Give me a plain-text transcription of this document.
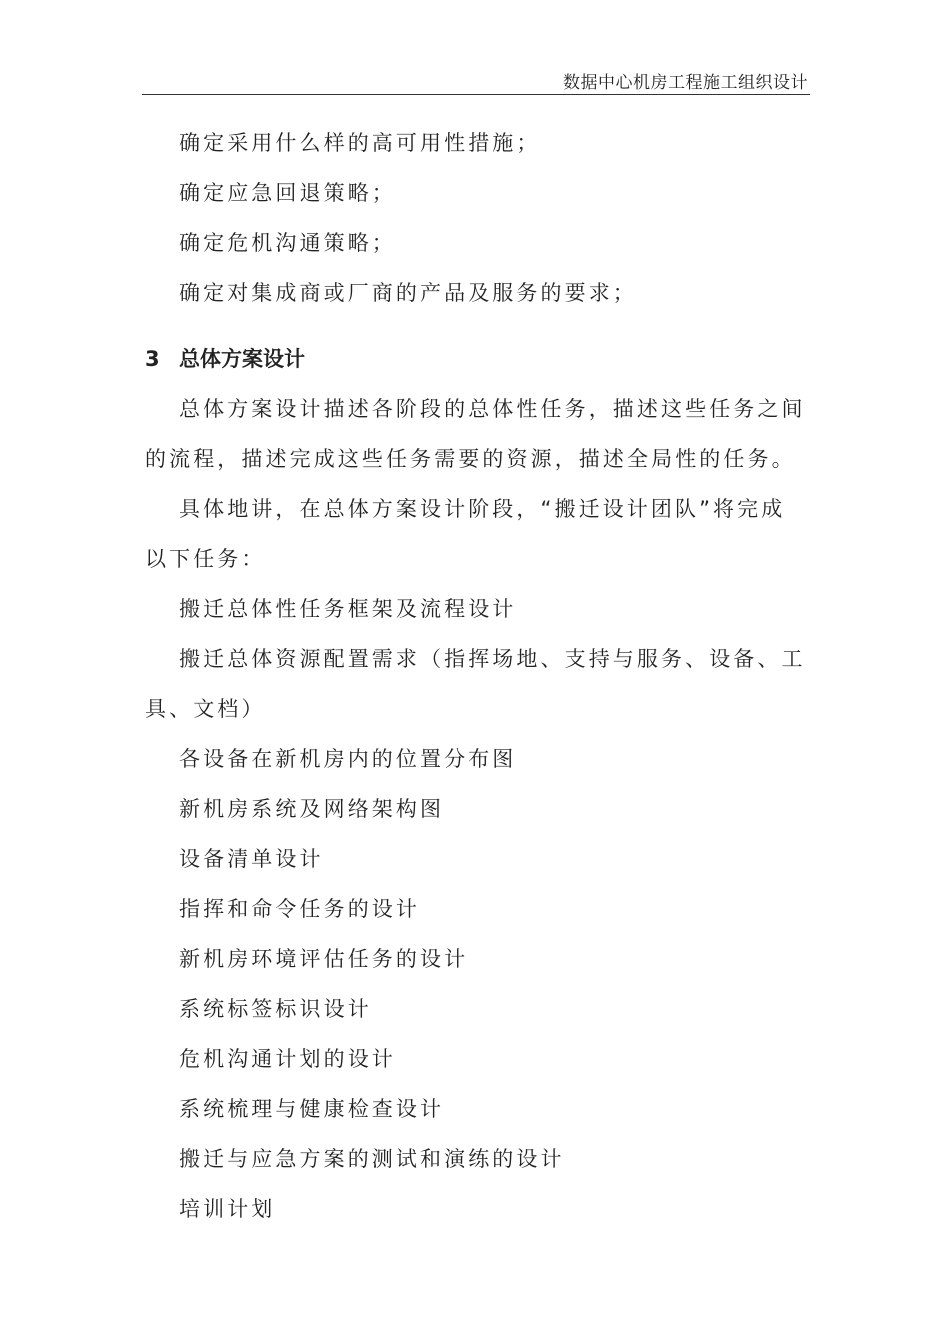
数据中心机房工程施工组织设计

确定采用什么样的高可用性措施；

确定应急回退策略；

确定危机沟通策略；

确定对集成商或厂商的产品及服务的要求；

3 总体方案设计

总体方案设计描述各阶段的总体性任务，描述这些任务之间

的流程，描述完成这些任务需要的资源，描述全局性的任务。

具体地讲，在总体方案设计阶段，“搬迁设计团队”将完成

以下任务：

搬迁总体性任务框架及流程设计

搬迁总体资源配置需求（指挥场地、支持与服务、设备、工

具、文档）

各设备在新机房内的位置分布图

新机房系统及网络架构图

设备清单设计

指挥和命令任务的设计

新机房环境评估任务的设计

系统标签标识设计

危机沟通计划的设计

系统梳理与健康检查设计

搬迁与应急方案的测试和演练的设计

培训计划
